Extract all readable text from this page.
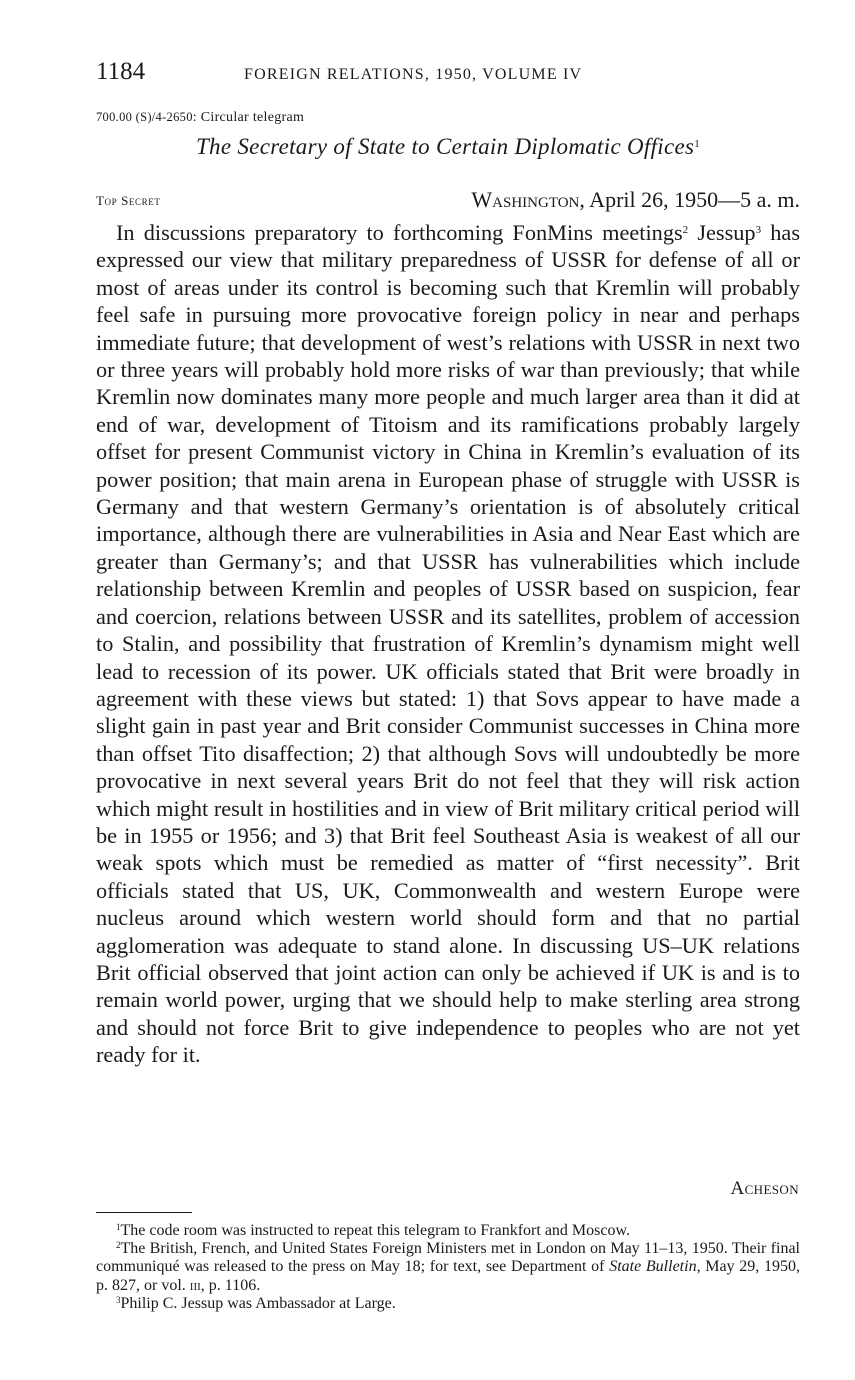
1184	FOREIGN RELATIONS, 1950, VOLUME IV
700.00 (S)/4-2650: Circular telegram
The Secretary of State to Certain Diplomatic Offices$^1$
Top Secret	Washington, April 26, 1950—5 a. m.

In discussions preparatory to forthcoming FonMins meetings$^2$ Jessup$^3$ has expressed our view that military preparedness of USSR for defense of all or most of areas under its control is becoming such that Kremlin will probably feel safe in pursuing more provocative foreign policy in near and perhaps immediate future; that development of west’s relations with USSR in next two or three years will probably hold more risks of war than previously; that while Kremlin now dominates many more people and much larger area than it did at end of war, development of Titoism and its ramifications probably largely offset for present Communist victory in China in Kremlin’s evaluation of its power position; that main arena in European phase of struggle with USSR is Germany and that western Germany’s orientation is of absolutely critical importance, although there are vulnerabilities in Asia and Near East which are greater than Germany’s; and that USSR has vulnerabilities which include relationship between Kremlin and peoples of USSR based on suspicion, fear and coercion, relations between USSR and its satellites, problem of accession to Stalin, and possibility that frustration of Kremlin’s dynamism might well lead to recession of its power. UK officials stated that Brit were broadly in agreement with these views but stated: 1) that Sovs appear to have made a slight gain in past year and Brit consider Communist successes in China more than offset Tito disaffection; 2) that although Sovs will undoubtedly be more provocative in next several years Brit do not feel that they will risk action which might result in hostilities and in view of Brit military critical period will be in 1955 or 1956; and 3) that Brit feel Southeast Asia is weakest of all our weak spots which must be remedied as matter of “first necessity”. Brit officials stated that US, UK, Commonwealth and western Europe were nucleus around which western world should form and that no partial agglomeration was adequate to stand alone. In discussing US–UK relations Brit official observed that joint action can only be achieved if UK is and is to remain world power, urging that we should help to make sterling area strong and should not force Brit to give independence to peoples who are not yet ready for it.

Acheson

$^1$The code room was instructed to repeat this telegram to Frankfort and Moscow.

$^2$The British, French, and United States Foreign Ministers met in London on May 11–13, 1950. Their final communiqué was released to the press on May 18; for text, see Department of State Bulletin, May 29, 1950, p. 827, or vol. iii, p. 1106.

$^3$Philip C. Jessup was Ambassador at Large.
